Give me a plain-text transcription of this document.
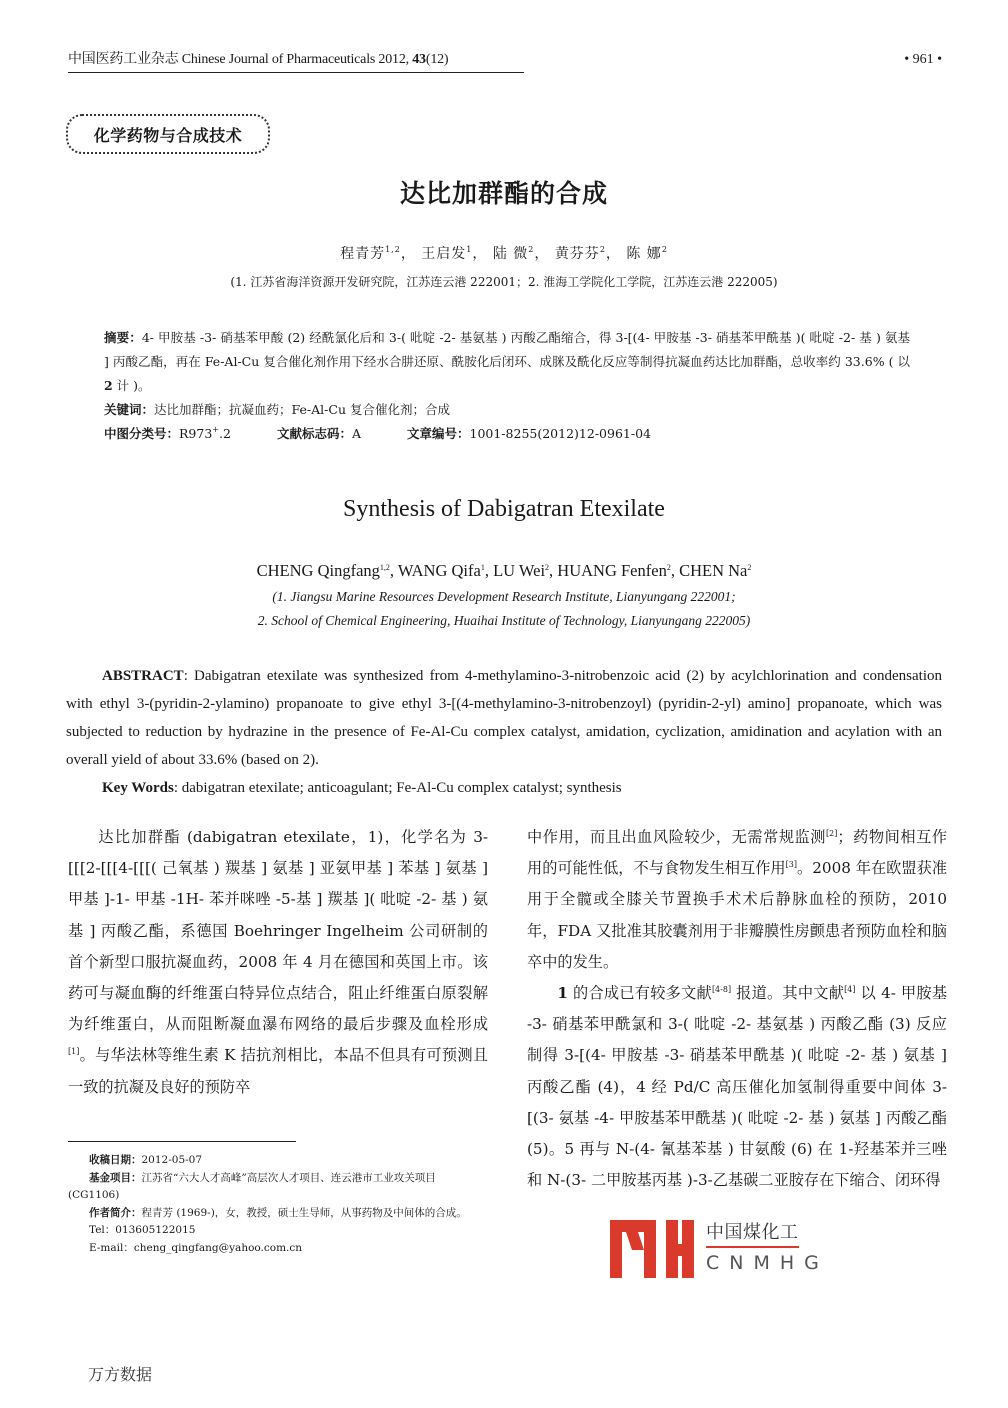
中国医药工业杂志 Chinese Journal of Pharmaceuticals 2012, 43(12)	• 961 •
化学药物与合成技术
达比加群酯的合成
程青芳$^{1,2}$， 王启发$^1$， 陆 微$^2$， 黄芬芬$^2$， 陈 娜$^2$
(1. 江苏省海洋资源开发研究院，江苏连云港 222001；2. 淮海工学院化工学院，江苏连云港 222005)
摘要：4- 甲胺基 -3- 硝基苯甲酸 (2) 经酰氯化后和 3-( 吡啶 -2- 基氨基 ) 丙酸乙酯缩合，得 3-[(4- 甲胺基 -3- 硝基苯甲酰基 )( 吡啶 -2- 基 ) 氨基 ] 丙酸乙酯，再在 Fe-Al-Cu 复合催化剂作用下经水合肼还原、酰胺化后闭环、成脒及酰化反应等制得抗凝血药达比加群酯，总收率约 33.6% ( 以 2 计 )。
关键词：达比加群酯；抗凝血药；Fe-Al-Cu 复合催化剂；合成
中图分类号：R973+.2	文献标志码：A	文章编号：1001-8255(2012)12-0961-04
Synthesis of Dabigatran Etexilate
CHENG Qingfang$^{1,2}$, WANG Qifa$^1$, LU Wei$^2$, HUANG Fenfen$^2$, CHEN Na$^2$
(1. Jiangsu Marine Resources Development Research Institute, Lianyungang 222001;
2. School of Chemical Engineering, Huaihai Institute of Technology, Lianyungang 222005)

ABSTRACT: Dabigatran etexilate was synthesized from 4-methylamino-3-nitrobenzoic acid (2) by acylchlorination and condensation with ethyl 3-(pyridin-2-ylamino) propanoate to give ethyl 3-[(4-methylamino-3-nitrobenzoyl) (pyridin-2-yl) amino] propanoate, which was subjected to reduction by hydrazine in the presence of Fe-Al-Cu complex catalyst, amidation, cyclization, amidination and acylation with an overall yield of about 33.6% (based on 2).

Key Words: dabigatran etexilate; anticoagulant; Fe-Al-Cu complex catalyst; synthesis

达比加群酯 (dabigatran etexilate，1)，化学名为 3-[[[2-[[[4-[[[( 己氧基 ) 羰基 ] 氨基 ] 亚氨甲基 ] 苯基 ] 氨基 ] 甲基 ]-1- 甲基 -1H- 苯并咪唑 -5-基 ] 羰基 ]( 吡啶 -2- 基 ) 氨基 ] 丙酸乙酯，系德国 Boehringer Ingelheim 公司研制的首个新型口服抗凝血药，2008 年 4 月在德国和英国上市。该药可与凝血酶的纤维蛋白特异位点结合，阻止纤维蛋白原裂解为纤维蛋白，从而阻断凝血瀑布网络的最后步骤及血栓形成[1]。与华法林等维生素 K 拮抗剂相比，本品不但具有可预测且一致的抗凝及良好的预防卒

中作用，而且出血风险较少，无需常规监测[2]；药物间相互作用的可能性低，不与食物发生相互作用[3]。2008 年在欧盟获准用于全髋或全膝关节置换手术术后静脉血栓的预防，2010 年，FDA 又批准其胶囊剂用于非瓣膜性房颤患者预防血栓和脑卒中的发生。

1 的合成已有较多文献[4-8] 报道。其中文献[4] 以 4- 甲胺基 -3- 硝基苯甲酰氯和 3-( 吡啶 -2- 基氨基 ) 丙酸乙酯 (3) 反应制得 3-[(4- 甲胺基 -3- 硝基苯甲酰基 )( 吡啶 -2- 基 ) 氨基 ] 丙酸乙酯 (4)，4 经 Pd/C 高压催化加氢制得重要中间体 3-[(3- 氨基 -4- 甲胺基苯甲酰基 )( 吡啶 -2- 基 ) 氨基 ] 丙酸乙酯 (5)。5 再与 N-(4- 氰基苯基 ) 甘氨酸 (6) 在 1-羟基苯并三唑和 N-(3- 二甲胺基丙基 )-3-乙基碳二亚胺存在下缩合、闭环得

收稿日期：2012-05-07

基金项目：江苏省“六大人才高峰”高层次人才项目、连云港市工业攻关项目 (CG1106)

作者简介：程青芳 (1969-)，女，教授，硕士生导师，从事药物及中间体的合成。

Tel：013605122015

E-mail：cheng_qingfang@yahoo.com.cn

中国煤化工
CNMHG
万方数据
